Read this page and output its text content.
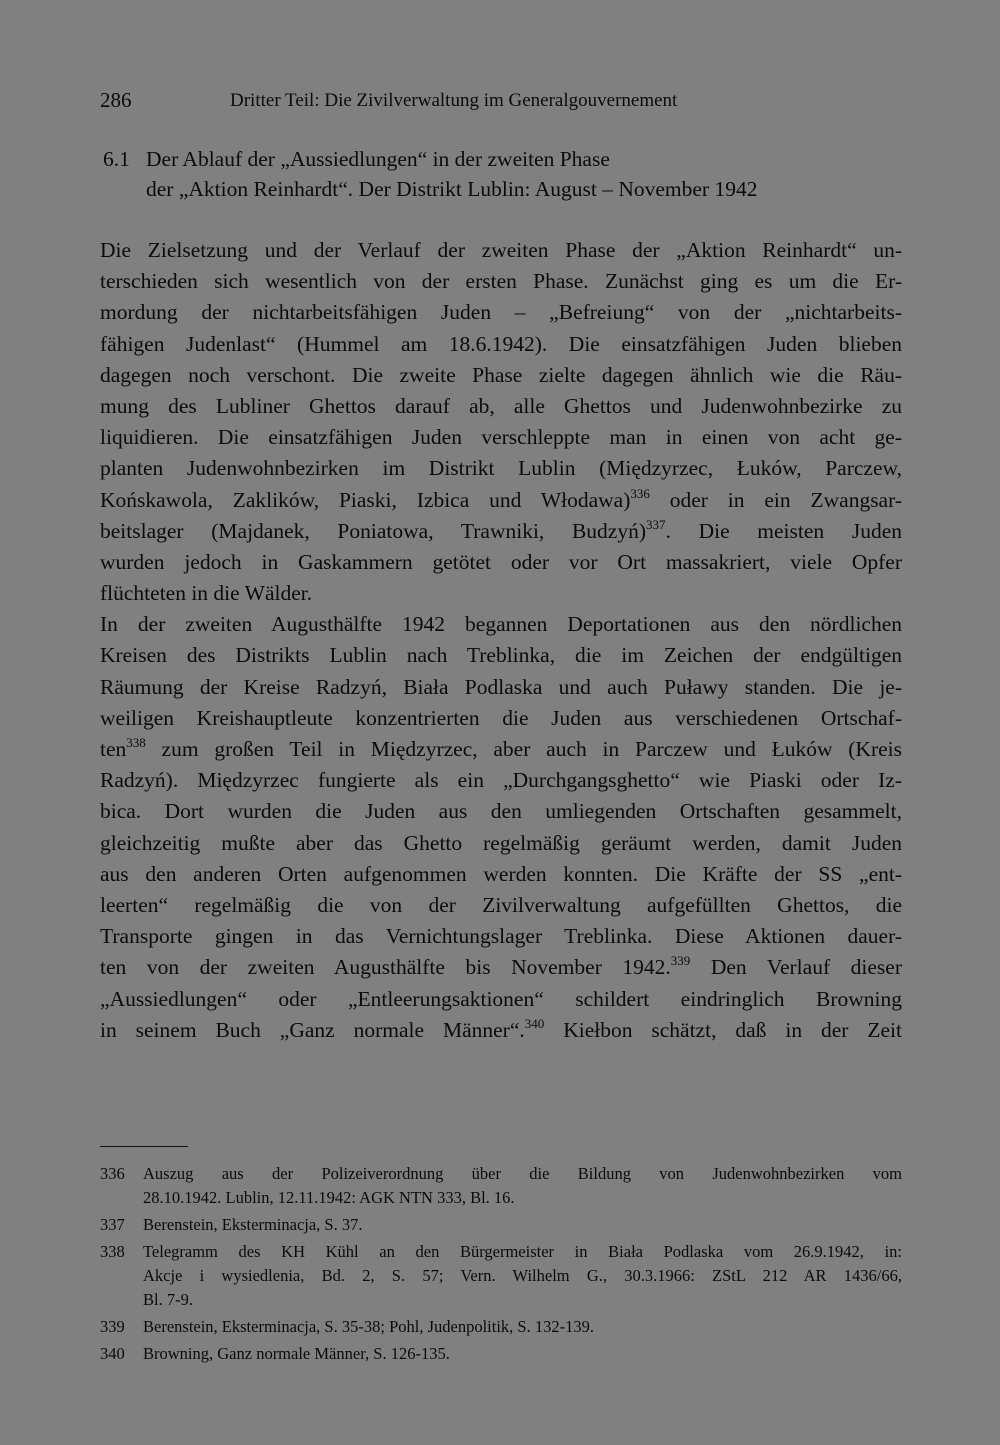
286	Dritter Teil: Die Zivilverwaltung im Generalgouvernement
6.1 Der Ablauf der „Aussiedlungen“ in der zweiten Phase
der „Aktion Reinhardt“. Der Distrikt Lublin: August – November 1942
Die Zielsetzung und der Verlauf der zweiten Phase der „Aktion Reinhardt“ un-
terschieden sich wesentlich von der ersten Phase. Zunächst ging es um die Er-
mordung der nichtarbeitsfähigen Juden – „Befreiung“ von der „nichtarbeits-
fähigen Judenlast“ (Hummel am 18.6.1942). Die einsatzfähigen Juden blieben
dagegen noch verschont. Die zweite Phase zielte dagegen ähnlich wie die Räu-
mung des Lubliner Ghettos darauf ab, alle Ghettos und Judenwohnbezirke zu
liquidieren. Die einsatzfähigen Juden verschleppte man in einen von acht ge-
planten Judenwohnbezirken im Distrikt Lublin (Międzyrzec, Łuków, Parczew,
Końskawola, Zaklików, Piaski, Izbica und Włodawa)$^{336}$ oder in ein Zwangsar-
beitslager (Majdanek, Poniatowa, Trawniki, Budzyń)$^{337}$. Die meisten Juden
wurden jedoch in Gaskammern getötet oder vor Ort massakriert, viele Opfer
flüchteten in die Wälder.
In der zweiten Augusthälfte 1942 begannen Deportationen aus den nördlichen
Kreisen des Distrikts Lublin nach Treblinka, die im Zeichen der endgültigen
Räumung der Kreise Radzyń, Biała Podlaska und auch Puławy standen. Die je-
weiligen Kreishauptleute konzentrierten die Juden aus verschiedenen Ortschaf-
ten$^{338}$ zum großen Teil in Międzyrzec, aber auch in Parczew und Łuków (Kreis
Radzyń). Międzyrzec fungierte als ein „Durchgangsghetto“ wie Piaski oder Iz-
bica. Dort wurden die Juden aus den umliegenden Ortschaften gesammelt,
gleichzeitig mußte aber das Ghetto regelmäßig geräumt werden, damit Juden
aus den anderen Orten aufgenommen werden konnten. Die Kräfte der SS „ent-
leerten“ regelmäßig die von der Zivilverwaltung aufgefüllten Ghettos, die
Transporte gingen in das Vernichtungslager Treblinka. Diese Aktionen dauer-
ten von der zweiten Augusthälfte bis November 1942.$^{339}$ Den Verlauf dieser
„Aussiedlungen“ oder „Entleerungsaktionen“ schildert eindringlich Browning
in seinem Buch „Ganz normale Männer“.$^{340}$ Kiełbon schätzt, daß in der Zeit
336 Auszug aus der Polizeiverordnung über die Bildung von Judenwohnbezirken vom
28.10.1942. Lublin, 12.11.1942: AGK NTN 333, Bl. 16.
337 Berenstein, Eksterminacja, S. 37.
338 Telegramm des KH Kühl an den Bürgermeister in Biała Podlaska vom 26.9.1942, in:
Akcje i wysiedlenia, Bd. 2, S. 57; Vern. Wilhelm G., 30.3.1966: ZStL 212 AR 1436/66,
Bl. 7-9.
339 Berenstein, Eksterminacja, S. 35-38; Pohl, Judenpolitik, S. 132-139.
340 Browning, Ganz normale Männer, S. 126-135.
